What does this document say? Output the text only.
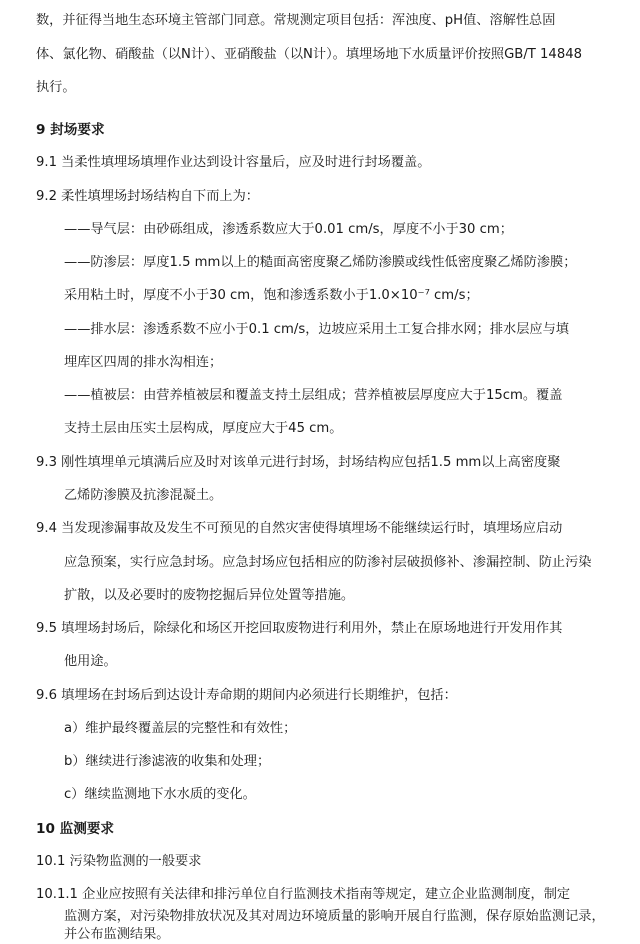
数，并征得当地生态环境主管部门同意。常规测定项目包括：浑浊度、pH值、溶解性总固
体、氯化物、硝酸盐（以N计）、亚硝酸盐（以N计）。填埋场地下水质量评价按照GB/T 14848
执行。
9 封场要求
9.1 当柔性填埋场填埋作业达到设计容量后，应及时进行封场覆盖。
9.2 柔性填埋场封场结构自下而上为：
——导气层：由砂砾组成，渗透系数应大于0.01 cm/s，厚度不小于30 cm；
——防渗层：厚度1.5 mm以上的糙面高密度聚乙烯防渗膜或线性低密度聚乙烯防渗膜；
采用粘土时，厚度不小于30 cm，饱和渗透系数小于1.0×10⁻⁷ cm/s；
——排水层：渗透系数不应小于0.1 cm/s，边坡应采用土工复合排水网；排水层应与填
埋库区四周的排水沟相连；
——植被层：由营养植被层和覆盖支持土层组成；营养植被层厚度应大于15cm。覆盖
支持土层由压实土层构成，厚度应大于45 cm。
9.3 刚性填埋单元填满后应及时对该单元进行封场，封场结构应包括1.5 mm以上高密度聚
乙烯防渗膜及抗渗混凝土。
9.4 当发现渗漏事故及发生不可预见的自然灾害使得填埋场不能继续运行时，填埋场应启动
应急预案，实行应急封场。应急封场应包括相应的防渗衬层破损修补、渗漏控制、防止污染
扩散，以及必要时的废物挖掘后异位处置等措施。
9.5 填埋场封场后，除绿化和场区开挖回取废物进行利用外，禁止在原场地进行开发用作其
他用途。
9.6 填埋场在封场后到达设计寿命期的期间内必须进行长期维护，包括：
a）维护最终覆盖层的完整性和有效性；
b）继续进行渗滤液的收集和处理；
c）继续监测地下水水质的变化。
10 监测要求
10.1 污染物监测的一般要求
10.1.1 企业应按照有关法律和排污单位自行监测技术指南等规定，建立企业监测制度，制定
监测方案，对污染物排放状况及其对周边环境质量的影响开展自行监测，保存原始监测记录，
并公布监测结果。
